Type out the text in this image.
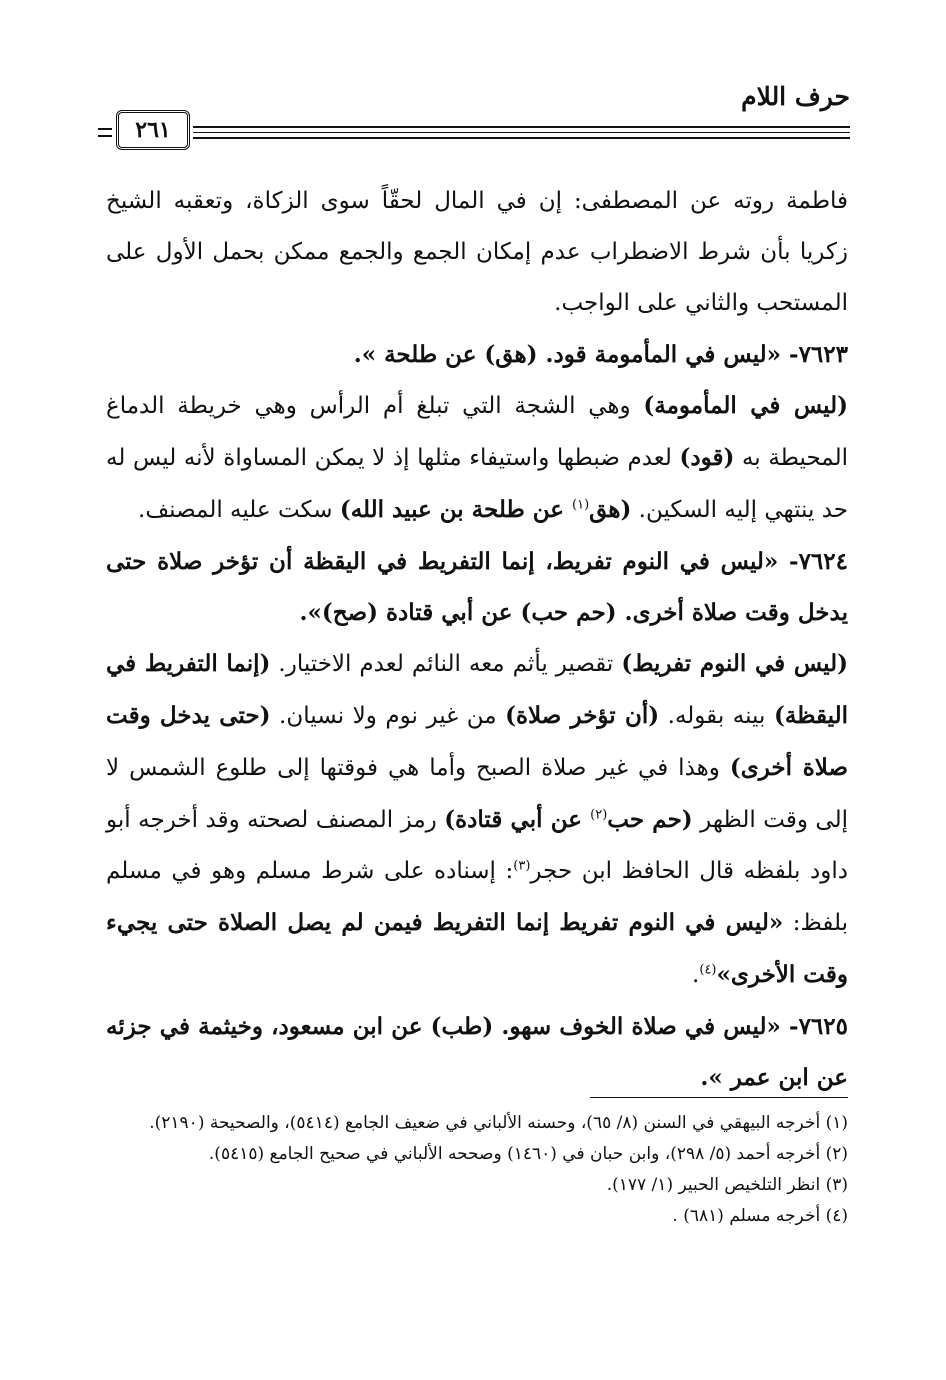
حرف اللام
٢٦١

فاطمة روته عن المصطفى: إن في المال لحقّاً سوى الزكاة، وتعقبه الشيخ زكريا بأن شرط الاضطراب عدم إمكان الجمع والجمع ممكن بحمل الأول على المستحب والثاني على الواجب.

٧٦٢٣- «ليس في المأمومة قود. (هق) عن طلحة ».

(ليس في المأمومة) وهي الشجة التي تبلغ أم الرأس وهي خريطة الدماغ المحيطة به (قود) لعدم ضبطها واستيفاء مثلها إذ لا يمكن المساواة لأنه ليس له حد ينتهي إليه السكين. (هق$^{(١)}$ عن طلحة بن عبيد الله) سكت عليه المصنف.

٧٦٢٤- «ليس في النوم تفريط، إنما التفريط في اليقظة أن تؤخر صلاة حتى يدخل وقت صلاة أخرى. (حم حب) عن أبي قتادة (صح)».

(ليس في النوم تفريط) تقصير يأثم معه النائم لعدم الاختيار. (إنما التفريط في اليقظة) بينه بقوله. (أن تؤخر صلاة) من غير نوم ولا نسيان. (حتى يدخل وقت صلاة أخرى) وهذا في غير صلاة الصبح وأما هي فوقتها إلى طلوع الشمس لا إلى وقت الظهر (حم حب$^{(٢)}$ عن أبي قتادة) رمز المصنف لصحته وقد أخرجه أبو داود بلفظه قال الحافظ ابن حجر$^{(٣)}$: إسناده على شرط مسلم وهو في مسلم بلفظ: «ليس في النوم تفريط إنما التفريط فيمن لم يصل الصلاة حتى يجيء وقت الأخرى»$^{(٤)}$.

٧٦٢٥- «ليس في صلاة الخوف سهو. (طب) عن ابن مسعود، وخيثمة في جزئه عن ابن عمر ».

(١) أخرجه البيهقي في السنن (٨/ ٦٥)، وحسنه الألباني في ضعيف الجامع (٥٤١٤)، والصحيحة (٢١٩٠).

(٢) أخرجه أحمد (٥/ ٢٩٨)، وابن حبان في (١٤٦٠) وصححه الألباني في صحيح الجامع (٥٤١٥).

(٣) انظر التلخيص الحبير (١/ ١٧٧).

(٤) أخرجه مسلم (٦٨١) .
